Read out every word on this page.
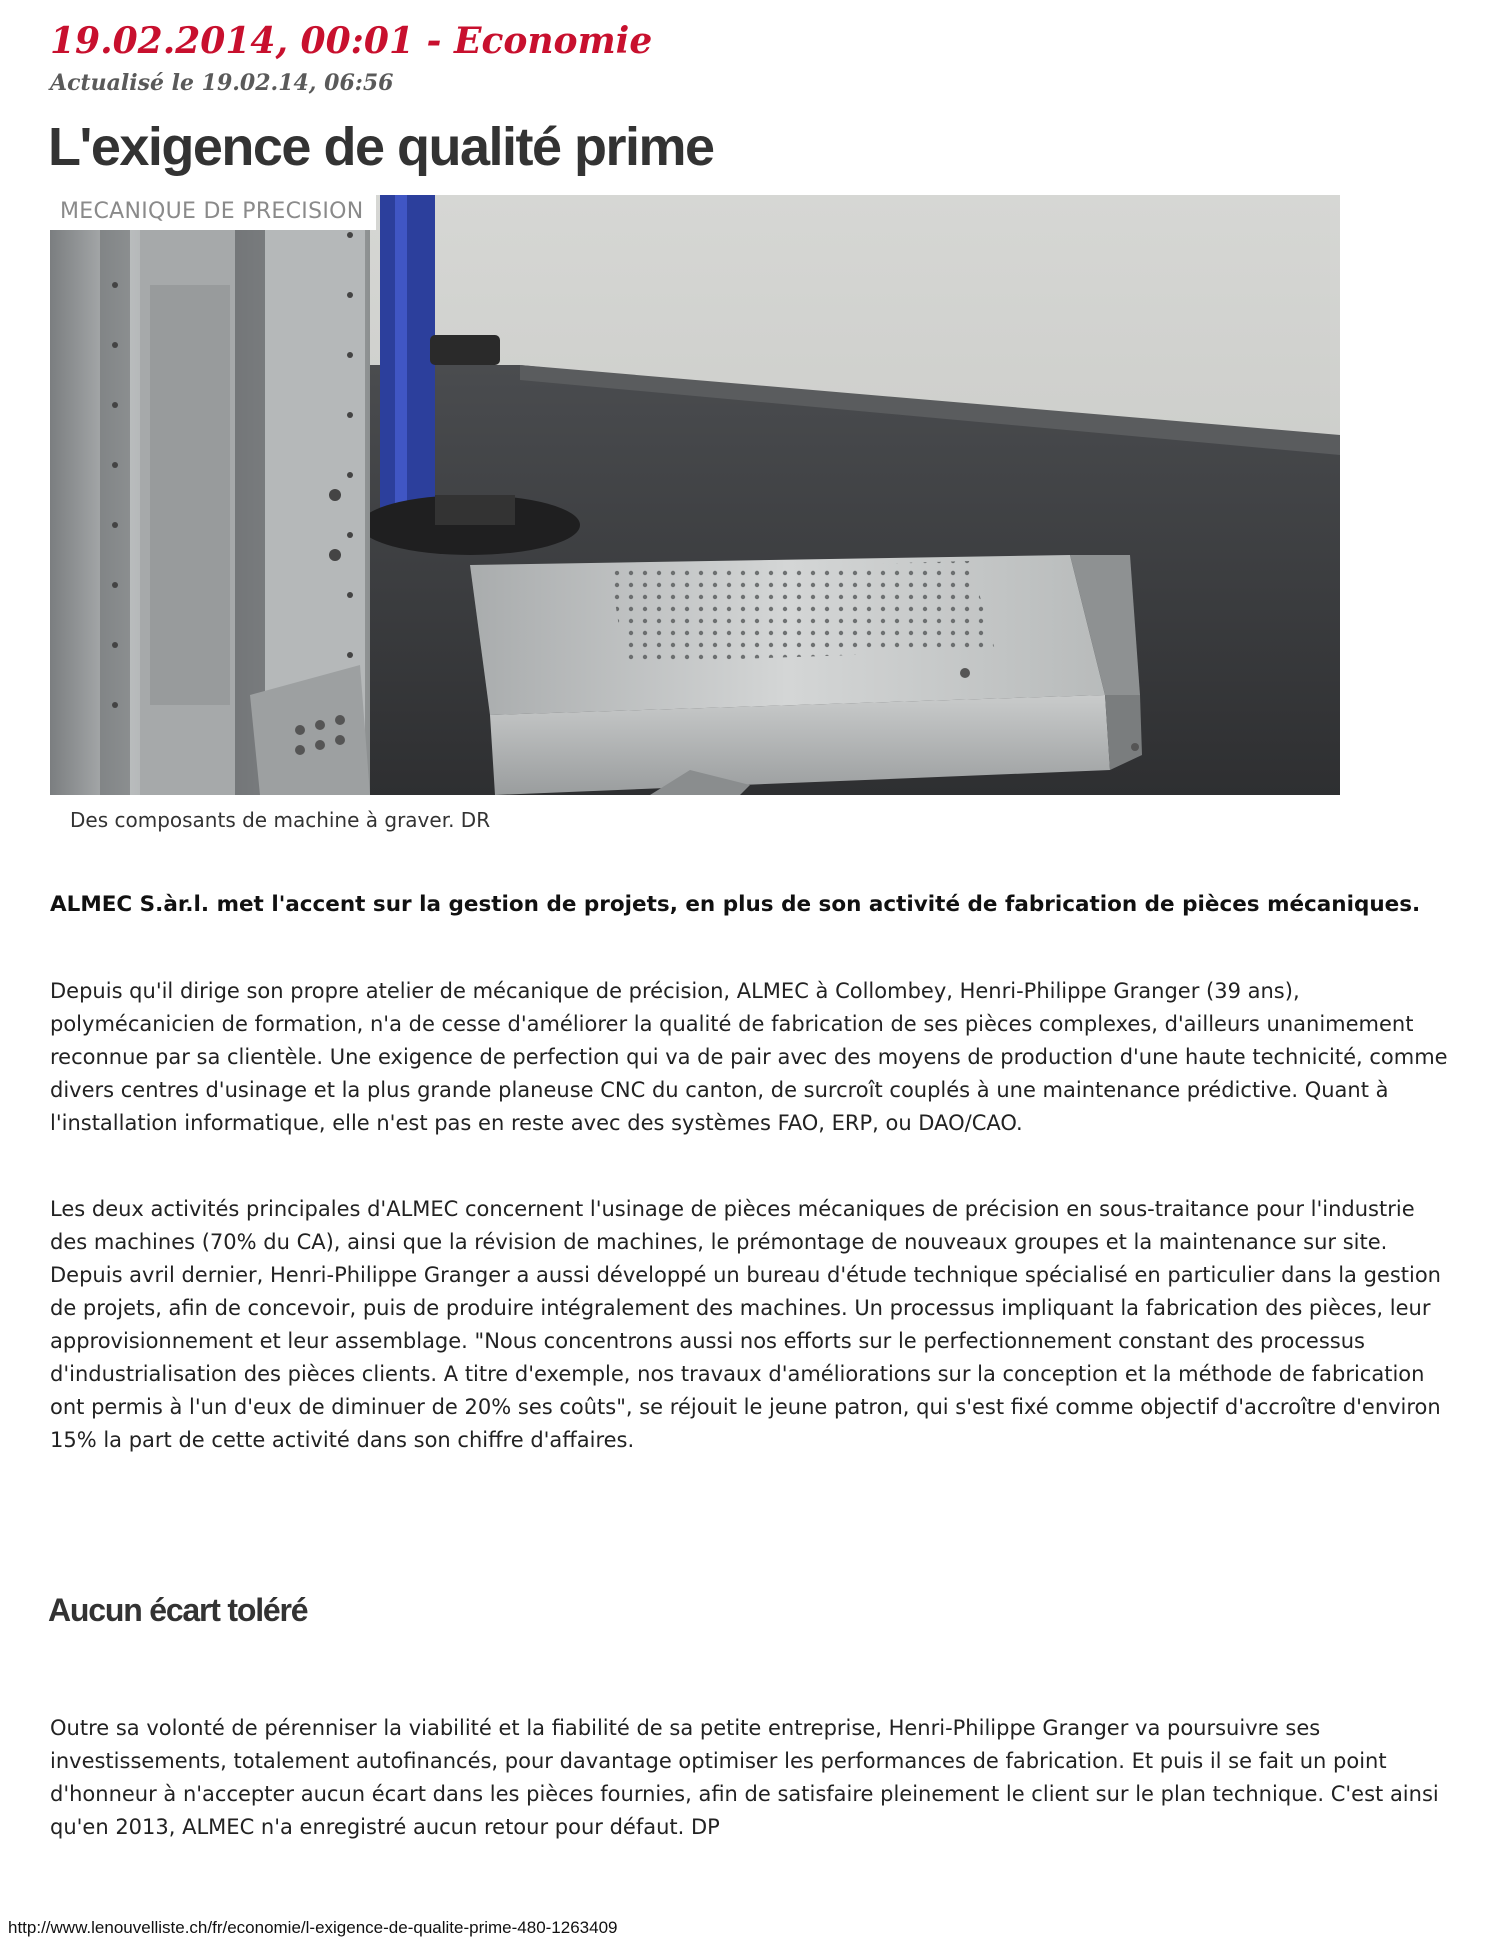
19.02.2014, 00:01 - Economie
Actualisé le 19.02.14, 06:56
L'exigence de qualité prime
MECANIQUE DE PRECISION
Des composants de machine à graver. DR

ALMEC S.àr.l. met l'accent sur la gestion de projets, en plus de son activité de fabrication de pièces mécaniques.

Depuis qu'il dirige son propre atelier de mécanique de précision, ALMEC à Collombey, Henri-Philippe Granger (39 ans), polymécanicien de formation, n'a de cesse d'améliorer la qualité de fabrication de ses pièces complexes, d'ailleurs unanimement reconnue par sa clientèle. Une exigence de perfection qui va de pair avec des moyens de production d'une haute technicité, comme divers centres d'usinage et la plus grande planeuse CNC du canton, de surcroît couplés à une maintenance prédictive. Quant à l'installation informatique, elle n'est pas en reste avec des systèmes FAO, ERP, ou DAO/CAO.

Les deux activités principales d'ALMEC concernent l'usinage de pièces mécaniques de précision en sous-traitance pour l'industrie des machines (70% du CA), ainsi que la révision de machines, le prémontage de nouveaux groupes et la maintenance sur site. Depuis avril dernier, Henri-Philippe Granger a aussi développé un bureau d'étude technique spécialisé en particulier dans la gestion de projets, afin de concevoir, puis de produire intégralement des machines. Un processus impliquant la fabrication des pièces, leur approvisionnement et leur assemblage. "Nous concentrons aussi nos efforts sur le perfectionnement constant des processus d'industrialisation des pièces clients. A titre d'exemple, nos travaux d'améliorations sur la conception et la méthode de fabrication ont permis à l'un d'eux de diminuer de 20% ses coûts", se réjouit le jeune patron, qui s'est fixé comme objectif d'accroître d'environ 15% la part de cette activité dans son chiffre d'affaires.

Aucun écart toléré

Outre sa volonté de pérenniser la viabilité et la fiabilité de sa petite entreprise, Henri-Philippe Granger va poursuivre ses investissements, totalement autofinancés, pour davantage optimiser les performances de fabrication. Et puis il se fait un point d'honneur à n'accepter aucun écart dans les pièces fournies, afin de satisfaire pleinement le client sur le plan technique. C'est ainsi qu'en 2013, ALMEC n'a enregistré aucun retour pour défaut. DP

http://www.lenouvelliste.ch/fr/economie/l-exigence-de-qualite-prime-480-1263409
